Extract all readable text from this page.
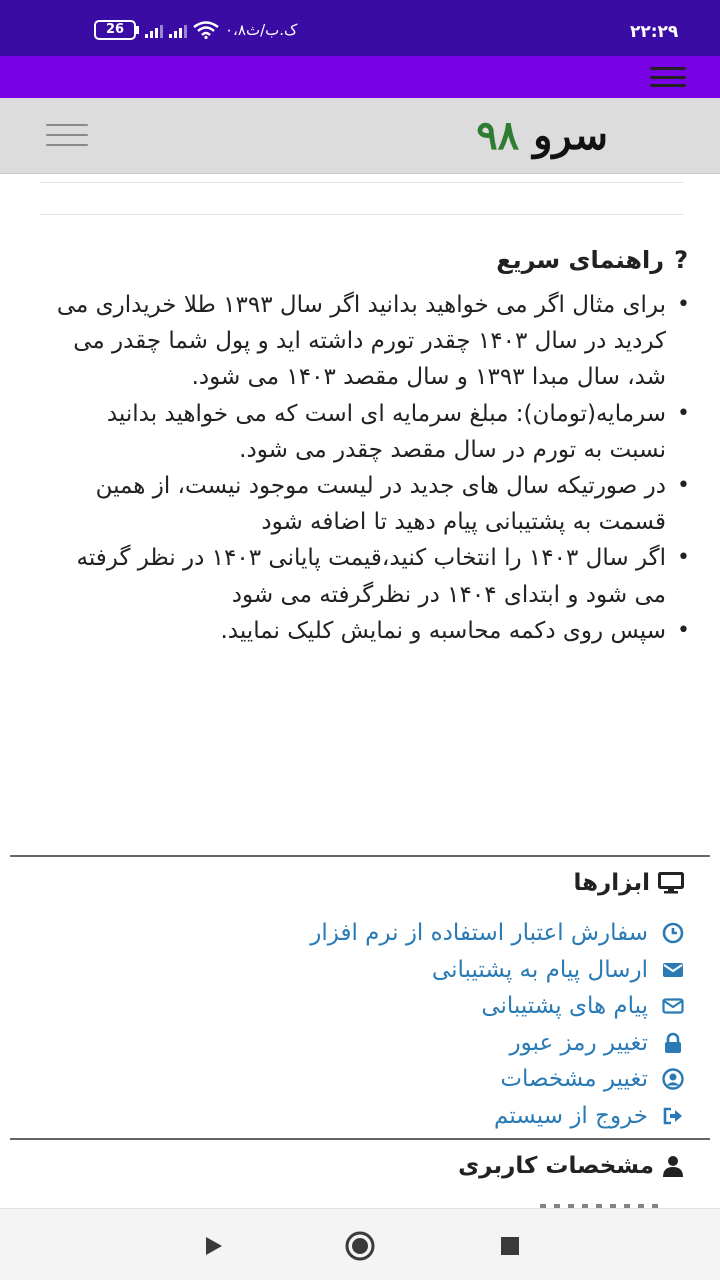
26	۰،۸ک.ب/ث	۲۲:۲۹
سرو ۹۸
?
راهنمای سریع
• برای مثال اگر می خواهید بدانید اگر سال ۱۳۹۳ طلا خریداری می کردید در سال ۱۴۰۳ چقدر تورم داشته اید و پول شما چقدر می شد، سال مبدا ۱۳۹۳ و سال مقصد ۱۴۰۳ می شود.
• سرمایه(تومان): مبلغ سرمایه ای است که می خواهید بدانید نسبت به تورم در سال مقصد چقدر می شود.
• در صورتیکه سال های جدید در لیست موجود نیست، از همین قسمت به پشتیبانی پیام دهید تا اضافه شود
• اگر سال ۱۴۰۳ را انتخاب کنید،قیمت پایانی ۱۴۰۳ در نظر گرفته می شود و ابتدای ۱۴۰۴ در نظرگرفته می شود
• سپس روی دکمه محاسبه و نمایش کلیک نمایید.
ابزارها
سفارش اعتبار استفاده از نرم افزار
ارسال پیام به پشتیبانی
پیام های پشتیبانی
تغییر رمز عبور
تغییر مشخصات
خروج از سیستم
مشخصات کاربری
